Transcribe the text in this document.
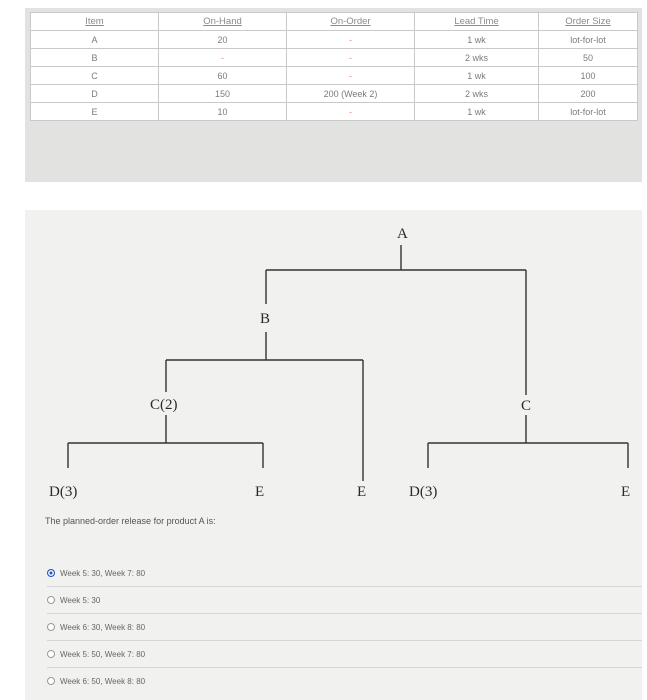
Item	On-Hand	On-Order	Lead Time	Order Size
A	20	-	1 wk	lot-for-lot
B	-	-	2 wks	50
C	60	-	1 wk	100
D	150	200 (Week 2)	2 wks	200
E	10	-	1 wk	lot-for-lot
A
B
C(2)	C
D(3)	E	E	D(3)	E
The planned-order release for product A is:
Week 5: 30, Week 7: 80
Week 5: 30
Week 6: 30, Week 8: 80
Week 5: 50, Week 7: 80
Week 6: 50, Week 8: 80
